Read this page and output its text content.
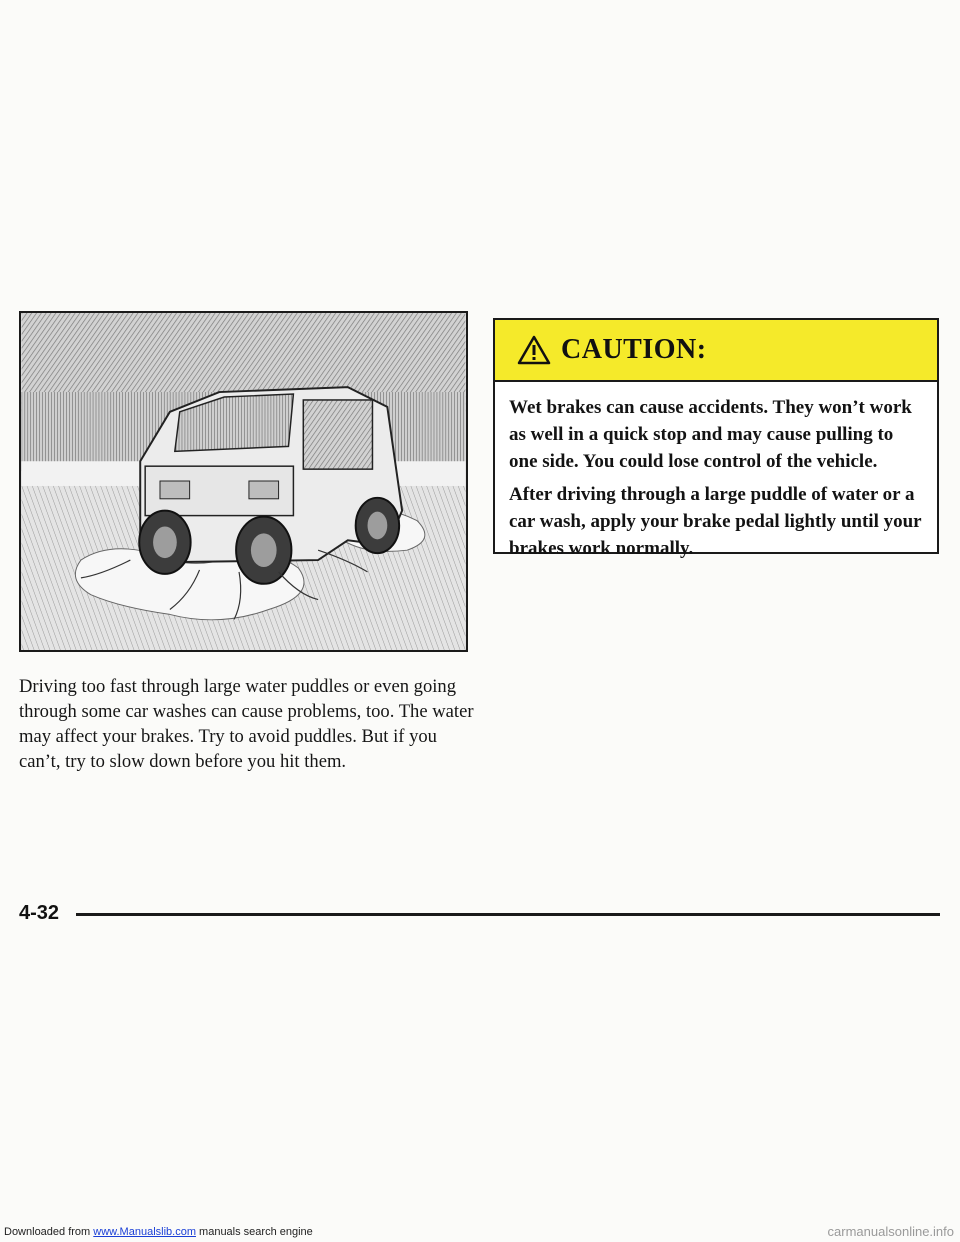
CAUTION:

Wet brakes can cause accidents. They won’t work as well in a quick stop and may cause pulling to one side. You could lose control of the vehicle.

After driving through a large puddle of water or a car wash, apply your brake pedal lightly until your brakes work normally.

Driving too fast through large water puddles or even going through some car washes can cause problems, too. The water may affect your brakes. Try to avoid puddles. But if you can’t, try to slow down before you hit them.

4-32
Downloaded from www.Manualslib.com manuals search engine	carmanualsonline.info
